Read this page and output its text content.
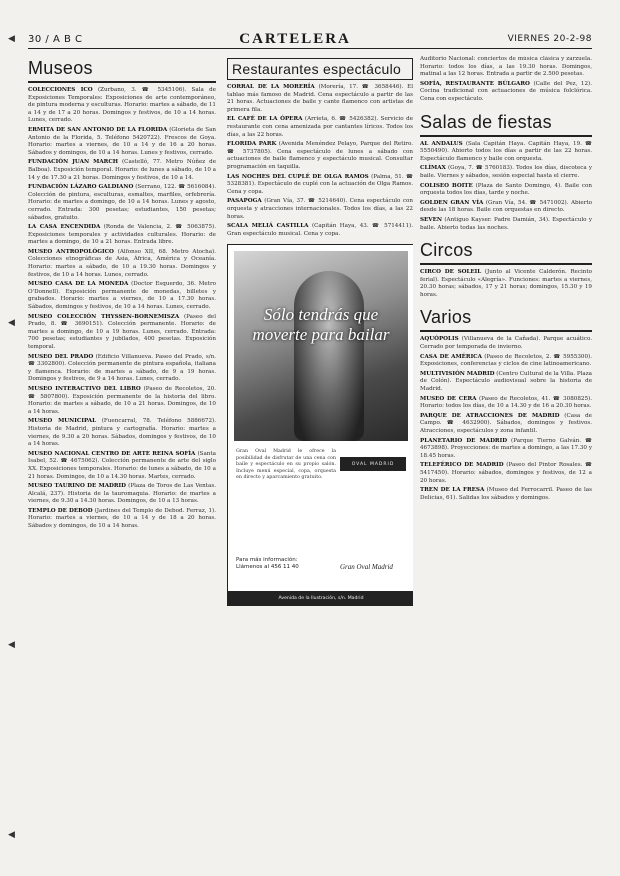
30 / A B C	CARTELERA	VIERNES 20-2-98
Museos

COLECCIONES ICO (Zurbano, 3. ☎ 5345106). Sala de Exposiciones Temporales: Exposiciones de arte contemporáneo, de pintura moderna y esculturas. Horario: martes a sábado, de 11 a 14 y de 17 a 20 horas. Domingos y festivos, de 10 a 14 horas. Lunes, cerrado.

ERMITA DE SAN ANTONIO DE LA FLORIDA (Glorieta de San Antonio de la Florida, 5. Teléfono 5420722). Frescos de Goya. Horario: martes a viernes, de 10 a 14 y de 16 a 20 horas. Sábados y domingos, de 10 a 14 horas. Lunes y festivos, cerrado.

FUNDACIÓN JUAN MARCH (Castelló, 77. Metro Núñez de Balboa). Exposición temporal. Horario: de lunes a sábado, de 10 a 14 y de 17.30 a 21 horas. Domingos y festivos, de 10 a 14.

FUNDACIÓN LÁZARO GALDIANO (Serrano, 122. ☎ 5616084). Colección de pintura, esculturas, esmaltes, marfiles, orfebrería. Horario: de martes a domingo, de 10 a 14 horas. Lunes y agosto, cerrado. Entrada: 300 pesetas; estudiantes, 150 pesetas; sábados, gratuito.

LA CASA ENCENDIDA (Ronda de Valencia, 2. ☎ 5063875). Exposiciones temporales y actividades culturales. Horario: de martes a domingo, de 10 a 21 horas. Entrada libre.

MUSEO ANTROPOLÓGICO (Alfonso XII, 68. Metro Atocha). Colecciones etnográficas de Asia, África, América y Oceanía. Horario: martes a sábado, de 10 a 19.30 horas. Domingos y festivos, de 10 a 14 horas. Lunes, cerrado.

MUSEO CASA DE LA MONEDA (Doctor Esquerdo, 36. Metro O'Donnell). Exposición permanente de monedas, billetes y grabados. Horario: martes a viernes, de 10 a 17.30 horas. Sábados, domingos y festivos, de 10 a 14 horas. Lunes, cerrado.

MUSEO COLECCIÓN THYSSEN-BORNEMISZA (Paseo del Prado, 8. ☎ 3690151). Colección permanente. Horario: de martes a domingo, de 10 a 19 horas. Lunes, cerrado. Entrada: 700 pesetas; estudiantes y jubilados, 400 pesetas. Exposición temporal.

MUSEO DEL PRADO (Edificio Villanueva. Paseo del Prado, s/n. ☎ 3302800). Colección permanente de pintura española, italiana y flamenca. Horario: de martes a sábado, de 9 a 19 horas. Domingos y festivos, de 9 a 14 horas. Lunes, cerrado.

MUSEO INTERACTIVO DEL LIBRO (Paseo de Recoletos, 20. ☎ 5807800). Exposición permanente de la historia del libro. Horario: de martes a sábado, de 10 a 21 horas. Domingos, de 10 a 14 horas.

MUSEO MUNICIPAL (Fuencarral, 78. Teléfono 5886672). Historia de Madrid, pintura y cartografía. Horario: martes a viernes, de 9.30 a 20 horas. Sábados, domingos y festivos, de 10 a 14 horas.

MUSEO NACIONAL CENTRO DE ARTE REINA SOFÍA (Santa Isabel, 52. ☎ 4675062). Colección permanente de arte del siglo XX. Exposiciones temporales. Horario: de lunes a sábado, de 10 a 21 horas. Domingos, de 10 a 14.30 horas. Martes, cerrado.

MUSEO TAURINO DE MADRID (Plaza de Toros de Las Ventas. Alcalá, 237). Historia de la tauromaquia. Horario: de martes a viernes, de 9.30 a 14.30 horas. Domingos, de 10 a 13 horas.

TEMPLO DE DEBOD (Jardines del Templo de Debod. Ferraz, 1). Horario: martes a viernes, de 10 a 14 y de 18 a 20 horas. Sábados y domingos, de 10 a 14 horas.

Restaurantes espectáculo

CORRAL DE LA MORERÍA (Morería, 17. ☎ 3658446). El tablao más famoso de Madrid. Cena espectáculo a partir de las 21 horas. Actuaciones de baile y cante flamenco con artistas de primera fila.

EL CAFÉ DE LA ÓPERA (Arrieta, 6. ☎ 5426382). Servicio de restaurante con cena amenizada por cantantes líricos. Todos los días, a las 22 horas.

FLORIDA PARK (Avenida Menéndez Pelayo, Parque del Retiro. ☎ 5737805). Cena espectáculo de lunes a sábado con actuaciones de baile flamenco y espectáculo musical. Consultar programación en taquilla.

LAS NOCHES DEL CUPLÉ DE OLGA RAMOS (Palma, 51. ☎ 5328381). Espectáculo de cuplé con la actuación de Olga Ramos. Cena y copa.

PASAPOGA (Gran Vía, 37. ☎ 5214640). Cena espectáculo con orquesta y atracciones internacionales. Todos los días, a las 22 horas.

SCALA MELIÁ CASTILLA (Capitán Haya, 43. ☎ 5714411). Gran espectáculo musical. Cena y copa.

Sólo tendrás que moverte para bailar
Gran Oval Madrid le ofrece la posibilidad de disfrutar de una cena con baile y espectáculo en su propio salón. Incluye menú especial, copa, orquesta en directo y aparcamiento gratuito.
OVAL MADRID
Para más información:
Llámenos al 456 11 40	Gran Oval Madrid
Avenida de la Ilustración, s/n. Madrid

Auditorio Nacional: conciertos de música clásica y zarzuela. Horario: todos los días, a las 19.30 horas. Domingos, matinal a las 12 horas. Entrada a partir de 2.500 pesetas.

SOFÍA, RESTAURANTE BÚLGARO (Calle del Pez, 12). Cocina tradicional con actuaciones de música folclórica. Cena con espectáculo.

Salas de fiestas

AL ANDALUS (Sala Capitán Haya. Capitán Haya, 19. ☎ 5550490). Abierto todos los días a partir de las 22 horas. Espectáculo flamenco y baile con orquesta.

CLÍMAX (Goya, 7. ☎ 5760183). Todos los días, discoteca y baile. Viernes y sábados, sesión especial hasta el cierre.

COLISEO BOITE (Plaza de Santo Domingo, 4). Baile con orquesta todos los días, tarde y noche.

GOLDEN GRAN VÍA (Gran Vía, 54. ☎ 5471002). Abierto desde las 18 horas. Baile con orquestas en directo.

SEVEN (Antiguo Kayser. Padre Damián, 34). Espectáculo y baile. Abierto todas las noches.

Circos

CIRCO DE SOLEIL (Junto al Vicente Calderón. Recinto ferial). Espectáculo «Alegría». Funciones: martes a viernes, 20.30 horas; sábados, 17 y 21 horas; domingos, 15.30 y 19 horas.

Varios

AQUÓPOLIS (Villanueva de la Cañada). Parque acuático. Cerrado por temporada de invierno.

CASA DE AMÉRICA (Paseo de Recoletos, 2. ☎ 5955300). Exposiciones, conferencias y ciclos de cine latinoamericano.

MULTIVISIÓN MADRID (Centro Cultural de la Villa. Plaza de Colón). Espectáculo audiovisual sobre la historia de Madrid.

MUSEO DE CERA (Paseo de Recoletos, 41. ☎ 3080825). Horario: todos los días, de 10 a 14.30 y de 16 a 20.30 horas.

PARQUE DE ATRACCIONES DE MADRID (Casa de Campo. ☎ 4632900). Sábados, domingos y festivos. Atracciones, espectáculos y zona infantil.

PLANETARIO DE MADRID (Parque Tierno Galván. ☎ 4673898). Proyecciones: de martes a domingo, a las 17.30 y 18.45 horas.

TELEFÉRICO DE MADRID (Paseo del Pintor Rosales. ☎ 5417450). Horario: sábados, domingos y festivos, de 12 a 20 horas.

TREN DE LA FRESA (Museo del Ferrocarril. Paseo de las Delicias, 61). Salidas los sábados y domingos.

◀
◀
◀
◀
